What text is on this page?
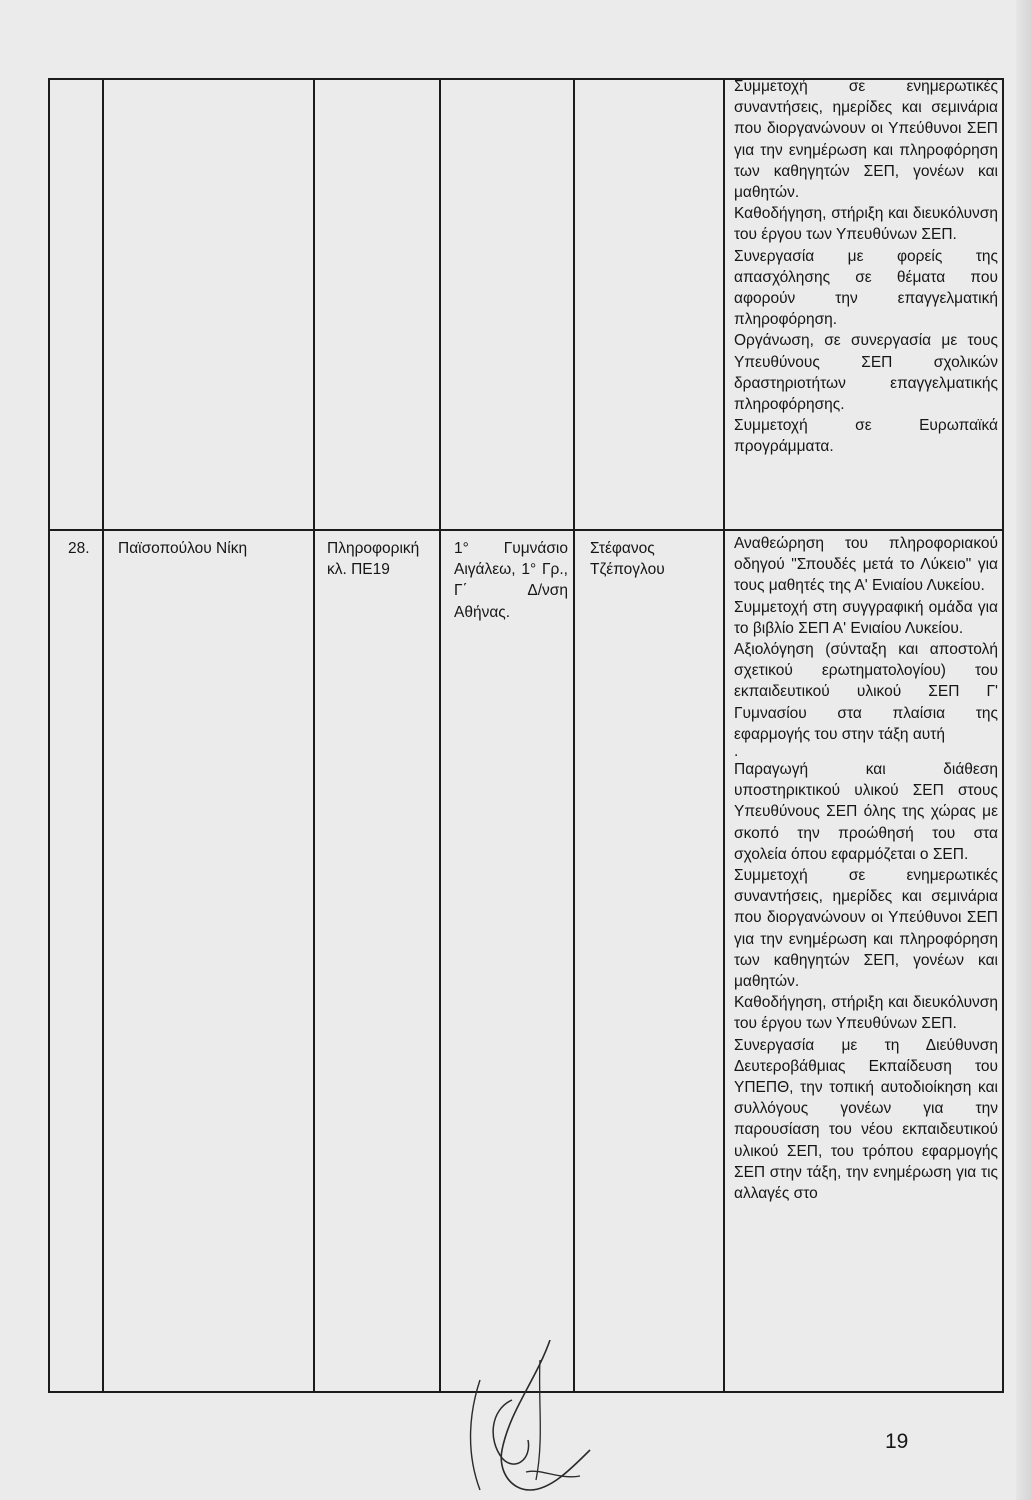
Συμμετοχή σε ενημερωτικές συναντήσεις, ημερίδες και σεμινάρια που διοργανώνουν οι Υπεύθυνοι ΣΕΠ για την ενημέρωση και πληροφόρηση των καθηγητών ΣΕΠ, γονέων και μαθητών.

Καθοδήγηση, στήριξη και διευκόλυνση του έργου των Υπευθύνων ΣΕΠ.

Συνεργασία με φορείς της απασχόλησης σε θέματα που αφορούν την επαγγελματική πληροφόρηση.

Οργάνωση, σε συνεργασία με τους Υπευθύνους ΣΕΠ σχολικών δραστηριοτήτων επαγγελματικής πληροφόρησης.

Συμμετοχή σε Ευρωπαϊκά προγράμματα.

28. Παϊσοπούλου Νίκη	Πληροφορική κλ. ΠΕ19
1° Γυμνάσιο Αιγάλεω, 1° Γρ., Γ΄ Δ/νση Αθήνας.
Στέφανος Τζέπογλου

Αναθεώρηση του πληροφοριακού οδηγού "Σπουδές μετά το Λύκειο" για τους μαθητές της Α' Ενιαίου Λυκείου.

Συμμετοχή στη συγγραφική ομάδα για το βιβλίο ΣΕΠ Α' Ενιαίου Λυκείου.

Αξιολόγηση (σύνταξη και αποστολή σχετικού ερωτηματολογίου) του εκπαιδευτικού υλικού ΣΕΠ Γ' Γυμνασίου στα πλαίσια της εφαρμογής του στην τάξη αυτή

.

Παραγωγή και διάθεση υποστηρικτικού υλικού ΣΕΠ στους Υπευθύνους ΣΕΠ όλης της χώρας με σκοπό την προώθησή του στα σχολεία όπου εφαρμόζεται ο ΣΕΠ.

Συμμετοχή σε ενημερωτικές συναντήσεις, ημερίδες και σεμινάρια που διοργανώνουν οι Υπεύθυνοι ΣΕΠ για την ενημέρωση και πληροφόρηση των καθηγητών ΣΕΠ, γονέων και μαθητών.

Καθοδήγηση, στήριξη και διευκόλυνση του έργου των Υπευθύνων ΣΕΠ.

Συνεργασία με τη Διεύθυνση Δευτεροβάθμιας Εκπαίδευση του ΥΠΕΠΘ, την τοπική αυτοδιοίκηση και συλλόγους γονέων για την παρουσίαση του νέου εκπαιδευτικού υλικού ΣΕΠ, του τρόπου εφαρμογής ΣΕΠ στην τάξη, την ενημέρωση για τις αλλαγές στο

19
